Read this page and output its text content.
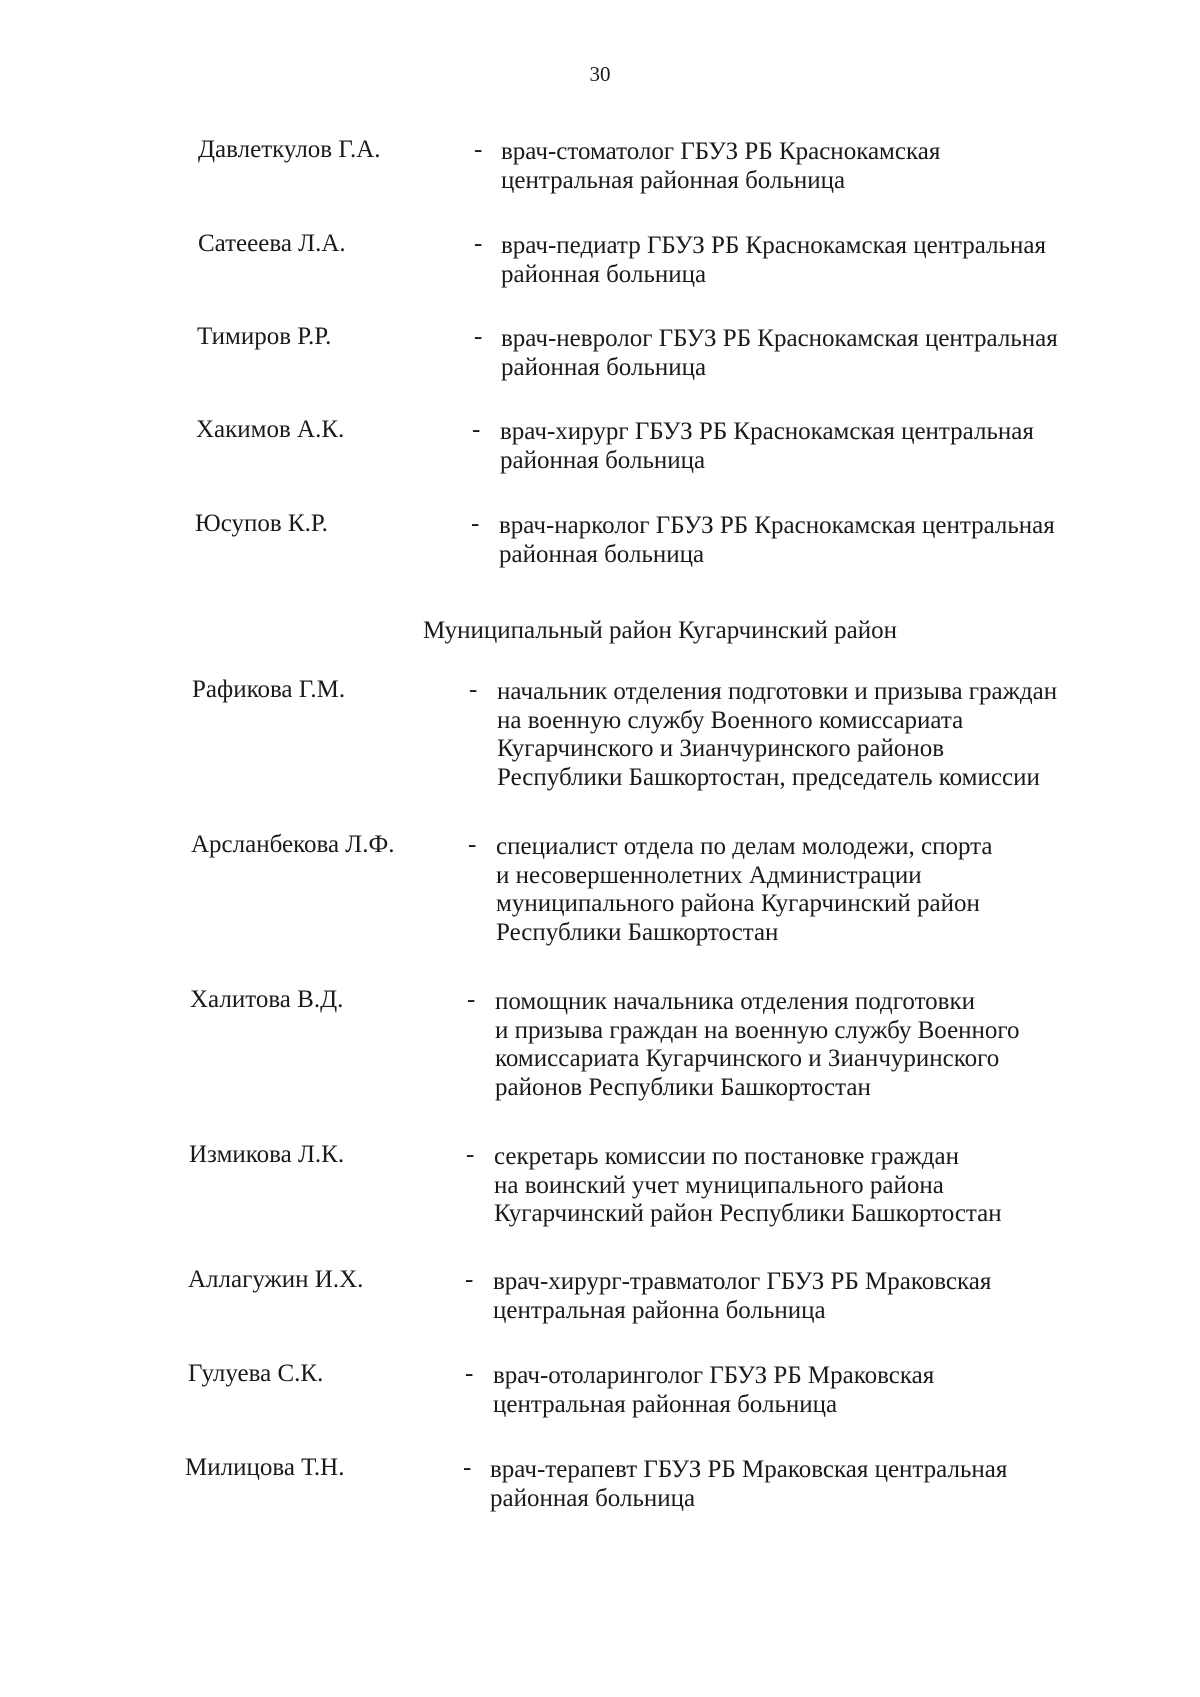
30
Давлеткулов Г.А.	- врач-стоматолог ГБУЗ РБ Краснокамская
центральная районная больница
Сатееева Л.А.	- врач-педиатр ГБУЗ РБ Краснокамская центральная
районная больница
Тимиров Р.Р.	- врач-невролог ГБУЗ РБ Краснокамская центральная
районная больница
Хакимов А.К.	- врач-хирург ГБУЗ РБ Краснокамская центральная
районная больница
Юсупов К.Р.	- врач-нарколог ГБУЗ РБ Краснокамская центральная
районная больница
Муниципальный район Кугарчинский район
Рафикова Г.М.	- начальник отделения подготовки и призыва граждан
на военную службу Военного комиссариата
Кугарчинского и Зианчуринского районов
Республики Башкортостан, председатель комиссии
Арсланбекова Л.Ф.	- специалист отдела по делам молодежи, спорта
и несовершеннолетних Администрации
муниципального района Кугарчинский район
Республики Башкортостан
Халитова В.Д.	- помощник начальника отделения подготовки
и призыва граждан на военную службу Военного
комиссариата Кугарчинского и Зианчуринского
районов Республики Башкортостан
Измикова Л.К.	- секретарь комиссии по постановке граждан
на воинский учет муниципального района
Кугарчинский район Республики Башкортостан
Аллагужин И.Х.	- врач-хирург-травматолог ГБУЗ РБ Мраковская
центральная районна больница
Гулуева С.К.	- врач-отоларинголог ГБУЗ РБ Мраковская
центральная районная больница
Милицова Т.Н.	- врач-терапевт ГБУЗ РБ Мраковская центральная
районная больница
